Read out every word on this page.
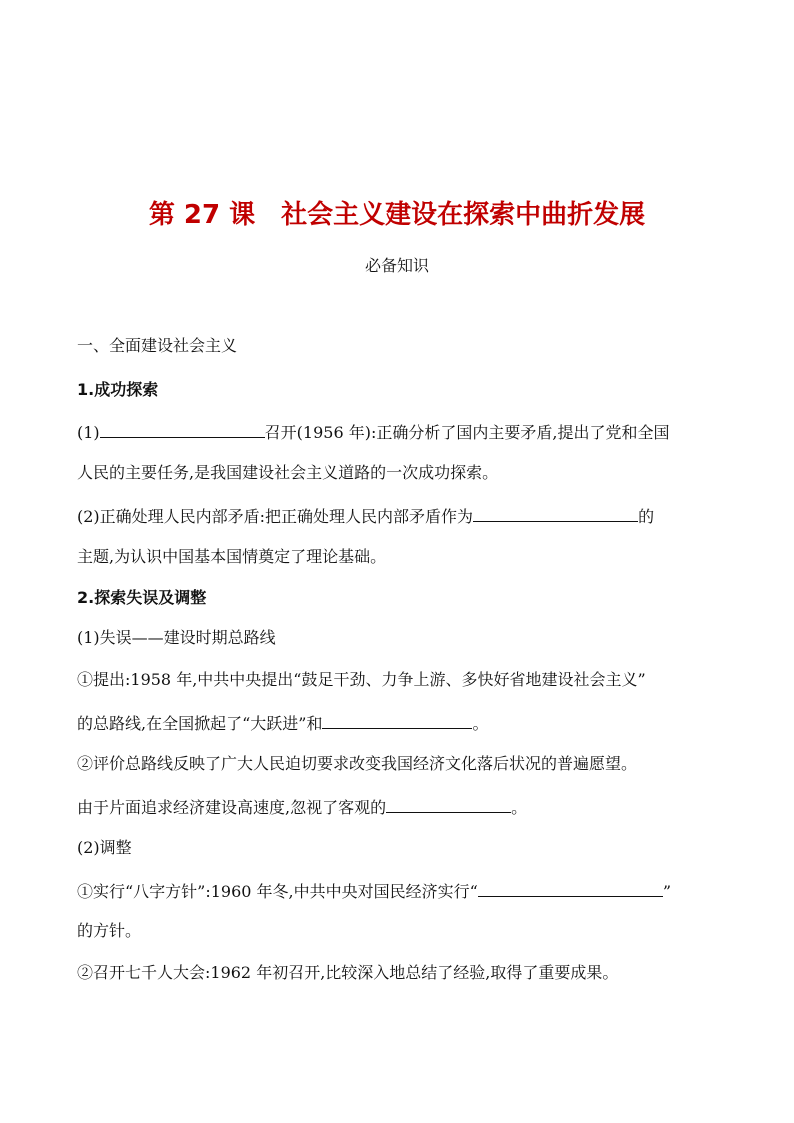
第 27 课　社会主义建设在探索中曲折发展
必备知识
一、全面建设社会主义
1.成功探索
(1)	召开(1956 年):正确分析了国内主要矛盾,提出了党和全国
人民的主要任务,是我国建设社会主义道路的一次成功探索。
(2)正确处理人民内部矛盾:把正确处理人民内部矛盾作为	的
主题,为认识中国基本国情奠定了理论基础。
2.探索失误及调整
(1)失误——建设时期总路线
①提出:1958 年,中共中央提出“鼓足干劲、力争上游、多快好省地建设社会主义”
的总路线,在全国掀起了“大跃进”和	。
②评价总路线反映了广大人民迫切要求改变我国经济文化落后状况的普遍愿望。
由于片面追求经济建设高速度,忽视了客观的	。
(2)调整
①实行“八字方针”:1960 年冬,中共中央对国民经济实行“	”
的方针。
②召开七千人大会:1962 年初召开,比较深入地总结了经验,取得了重要成果。
